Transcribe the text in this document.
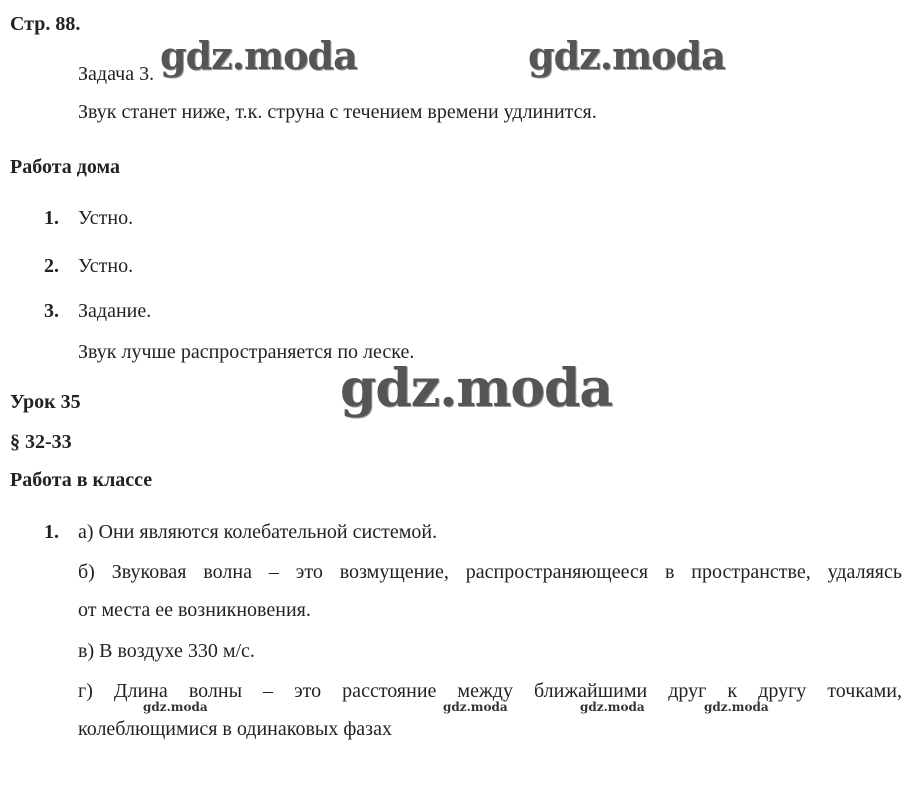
Стр. 88.
gdz.moda	gdz.moda
Задача 3.
Звук станет ниже, т.к. струна с течением времени удлинится.
Работа дома
1. Устно.
2. Устно.
3. Задание.
Звук лучше распространяется по леске.
gdz.moda
Урок 35
§ 32-33
Работа в классе
1. а) Они являются колебательной системой.
б) Звуковая волна – это возмущение, распространяющееся в пространстве, удаляясь
от места ее возникновения.
в) В воздухе 330 м/с.
г) Длина волны – это расстояние между ближайшими друг к другу точками,
gdz.moda	gdz.moda	gdz.moda	gdz.moda
колеблющимися в одинаковых фазах
